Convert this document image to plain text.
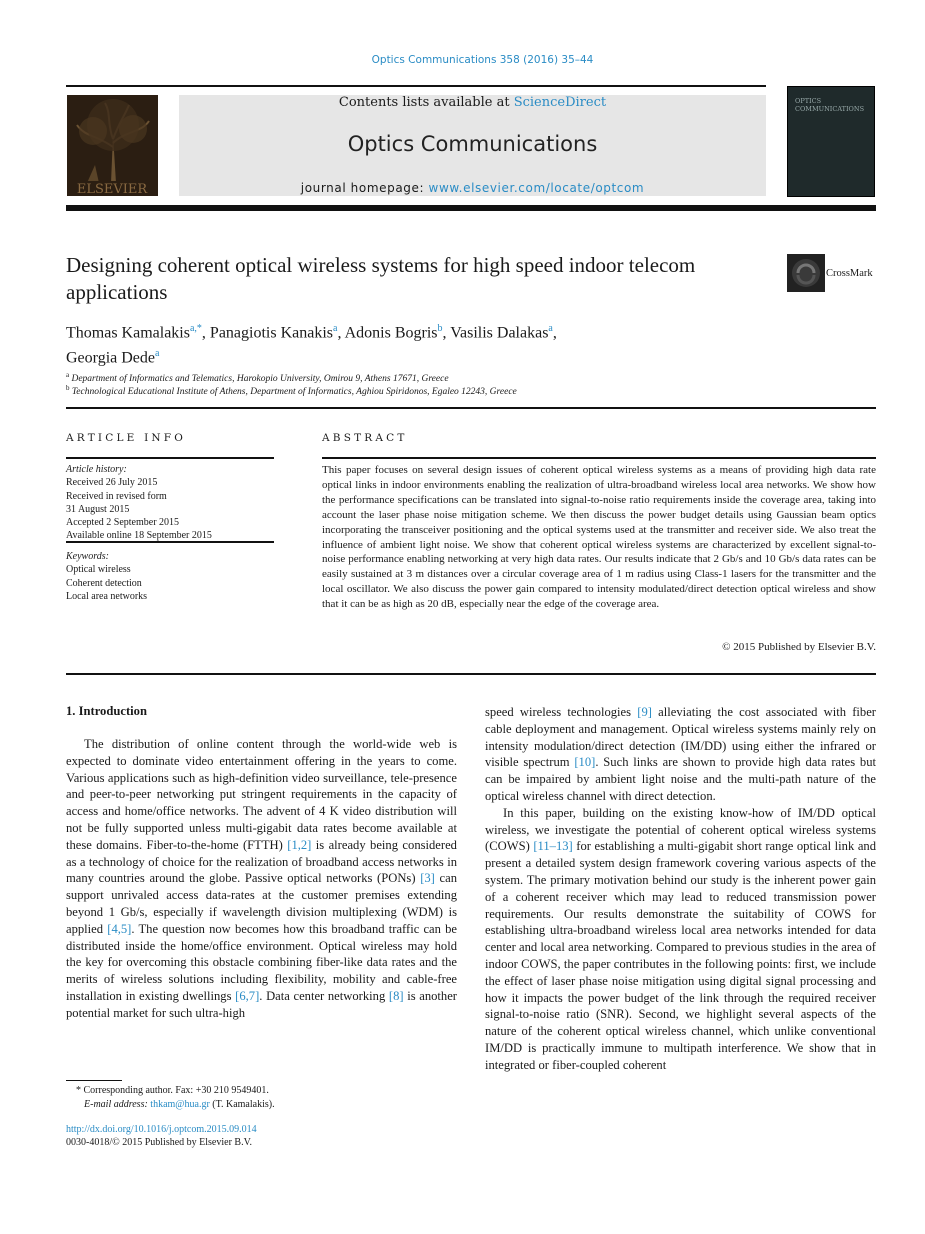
Optics Communications 358 (2016) 35–44
ELSEVIER
Contents lists available at ScienceDirect
Optics Communications
journal homepage: www.elsevier.com/locate/optcom
OPTICS COMMUNICATIONS
Designing coherent optical wireless systems for high speed indoor telecom applications
CrossMark
Thomas Kamalakis$^{a,*}$, Panagiotis Kanakis$^a$, Adonis Bogris$^b$, Vasilis Dalakas$^a$,
Georgia Dede$^a$
$^a$ Department of Informatics and Telematics, Harokopio University, Omirou 9, Athens 17671, Greece
$^b$ Technological Educational Institute of Athens, Department of Informatics, Aghiou Spiridonos, Egaleo 12243, Greece
ARTICLE INFO
Article history:
Received 26 July 2015
Received in revised form
31 August 2015
Accepted 2 September 2015
Available online 18 September 2015
Keywords:
Optical wireless
Coherent detection
Local area networks
ABSTRACT
This paper focuses on several design issues of coherent optical wireless systems as a means of providing high data rate optical links in indoor environments enabling the realization of ultra-broadband wireless local area networks. We show how the performance specifications can be translated into signal-to-noise ratio requirements inside the coverage area, taking into account the laser phase noise mitigation scheme. We then discuss the power budget details using Gaussian beam optics incorporating the transceiver positioning and the optical systems used at the transmitter and receiver side. We also treat the influence of ambient light noise. We show that coherent optical wireless systems are characterized by excellent signal-to-noise performance enabling networking at very high data rates. Our results indicate that 2 Gb/s and 10 Gb/s data rates can be easily sustained at 3 m distances over a circular coverage area of 1 m radius using Class-1 lasers for the transmitter and the local oscillator. We also discuss the power gain compared to intensity modulated/direct detection optical wireless and show that it can be as high as 20 dB, especially near the edge of the coverage area.
© 2015 Published by Elsevier B.V.
1. Introduction

The distribution of online content through the world-wide web is expected to dominate video entertainment offering in the years to come. Various applications such as high-definition video surveillance, tele-presence and peer-to-peer networking put stringent requirements in the capacity of access and home/office networks. The advent of 4 K video distribution will not be fully supported unless multi-gigabit data rates become available at these domains. Fiber-to-the-home (FTTH) [1,2] is already being considered as a technology of choice for the realization of broadband access networks in many countries around the globe. Passive optical networks (PONs) [3] can support unrivaled access data-rates at the customer premises extending beyond 1 Gb/s, especially if wavelength division multiplexing (WDM) is applied [4,5]. The question now becomes how this broadband traffic can be distributed inside the home/office environment. Optical wireless may hold the key for overcoming this obstacle combining fiber-like data rates and the merits of wireless solutions including flexibility, mobility and cable-free installation in existing dwellings [6,7]. Data center networking [8] is another potential market for such ultra-high

speed wireless technologies [9] alleviating the cost associated with fiber cable deployment and management. Optical wireless systems mainly rely on intensity modulation/direct detection (IM/DD) using either the infrared or visible spectrum [10]. Such links are shown to provide high data rates but can be impaired by ambient light noise and the multi-path nature of the optical wireless channel with direct detection.

In this paper, building on the existing know-how of IM/DD optical wireless, we investigate the potential of coherent optical wireless systems (COWS) [11–13] for establishing a multi-gigabit short range optical link and present a detailed system design framework covering various aspects of the system. The primary motivation behind our study is the inherent power gain of a coherent receiver which may lead to reduced transmission power requirements. Our results demonstrate the suitability of COWS for establishing ultra-broadband wireless local area networks intended for data center and local area networking. Compared to previous studies in the area of indoor COWS, the paper contributes in the following points: first, we include the effect of laser phase noise mitigation using digital signal processing and how it impacts the power budget of the link through the required receiver signal-to-noise ratio (SNR). Second, we highlight several aspects of the nature of the coherent optical wireless channel, which unlike conventional IM/DD is practically immune to multipath interference. We show that in integrated or fiber-coupled coherent

* Corresponding author. Fax: +30 210 9549401.
E-mail address: thkam@hua.gr (T. Kamalakis).
http://dx.doi.org/10.1016/j.optcom.2015.09.014
0030-4018/© 2015 Published by Elsevier B.V.
